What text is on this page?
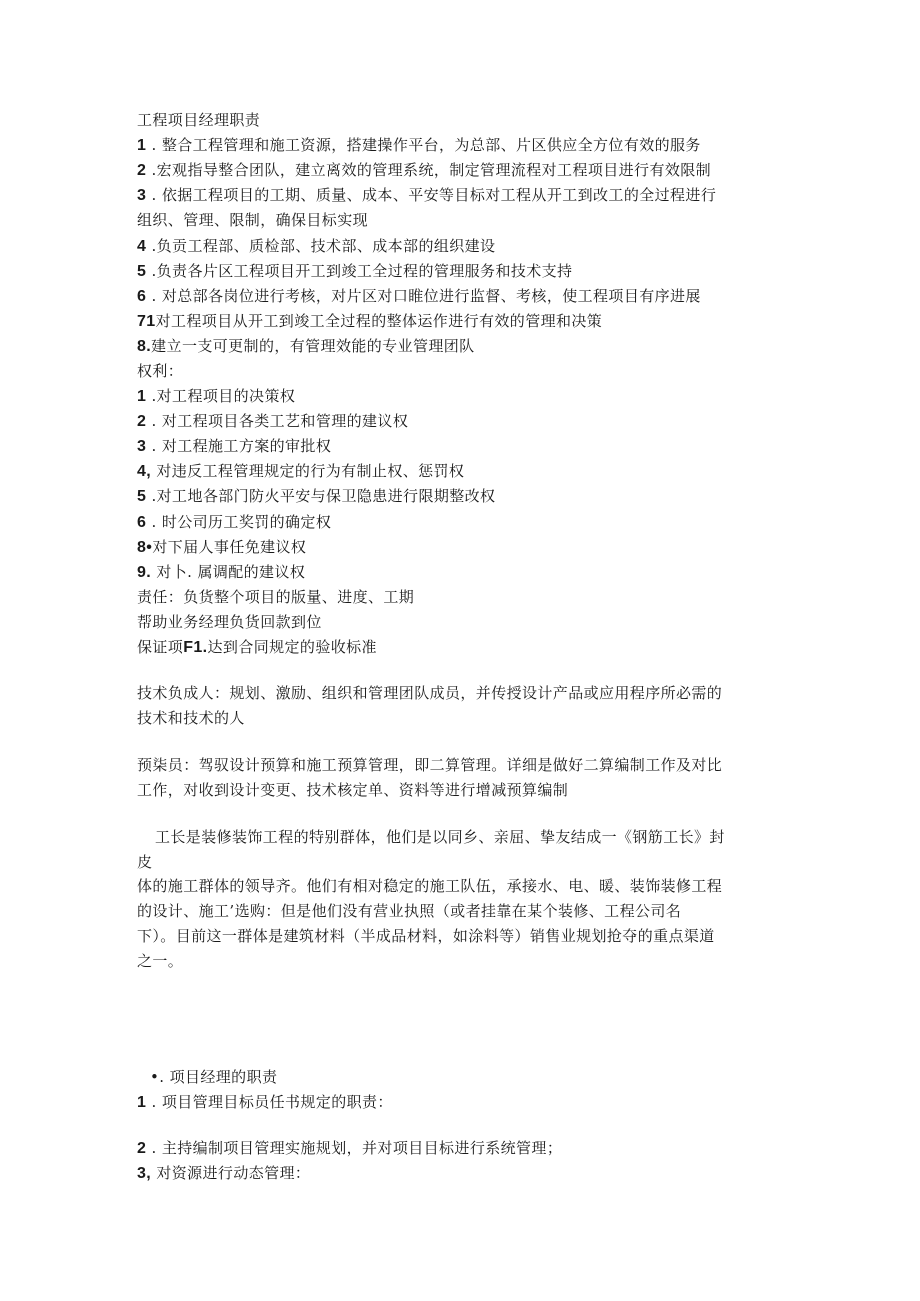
工程项目经理职责
1 . 整合工程管理和施工资源，搭建操作平台，为总部、片区供应全方位有效的服务
2 .宏观指导整合团队，建立离效的管理系统，制定管理流程对工程项目进行有效限制
3 . 依据工程项目的工期、质量、成本、平安等目标对工程从开工到改工的全过程进行
组织、管理、限制，确保目标实现
4 .负贡工程部、质检部、技术部、成本部的组织建设
5 .负责各片区工程项目开工到竣工全过程的管理服务和技术支持
6 . 对总部各岗位进行考核，对片区对口睢位进行监督、考核，使工程项目有序进展
71对工程项目从开工到竣工全过程的整体运作进行有效的管理和决策
8.建立一支可更制的，有管理效能的专业管理团队
权利：
1 .对工程项目的决策权
2 . 对工程项目各类工艺和管理的建议权
3 . 对工程施工方案的审批权
4, 对违反工程管理规定的行为有制止权、惩罚权
5 .对工地各部门防火平安与保卫隐患进行限期整改权
6 . 时公司历工奖罚的确定权
8•对下届人事任免建议权
9. 对卜. 属调配的建议权
责任：负货整个项目的版量、进度、工期
帮助业务经理负货回款到位
保证项F1.达到合同规定的验收标准
技术负成人：规划、激励、组织和管理团队成员，并传授设计产品或应用程序所必需的
技术和技术的人
预柒员：驾驭设计预算和施工预算管理，即二算管理。详细是做好二算编制工作及对比
工作，对收到设计变更、技术核定单、资料等进行增减预算编制
工长是装修装饰工程的特别群体，他们是以同乡、亲屈、挚友结成一《钢筋工长》封
皮
体的施工群体的领导齐。他们有相对稳定的施工队伍，承接水、电、暖、装饰装修工程
的设计、施工’选购：但是他们没有营业执照（或者挂靠在某个装修、工程公司名
下）。目前这一群体是建筑材料（半成品材料，如涂料等）销售业规划抢夺的重点渠道
之一。
•. 项目经理的职责
1 . 项目管理目标员任书规定的职责：
2 . 主持编制项目管理实施规划，并对项目目标进行系统管理；
3, 对资源进行动态管理：
